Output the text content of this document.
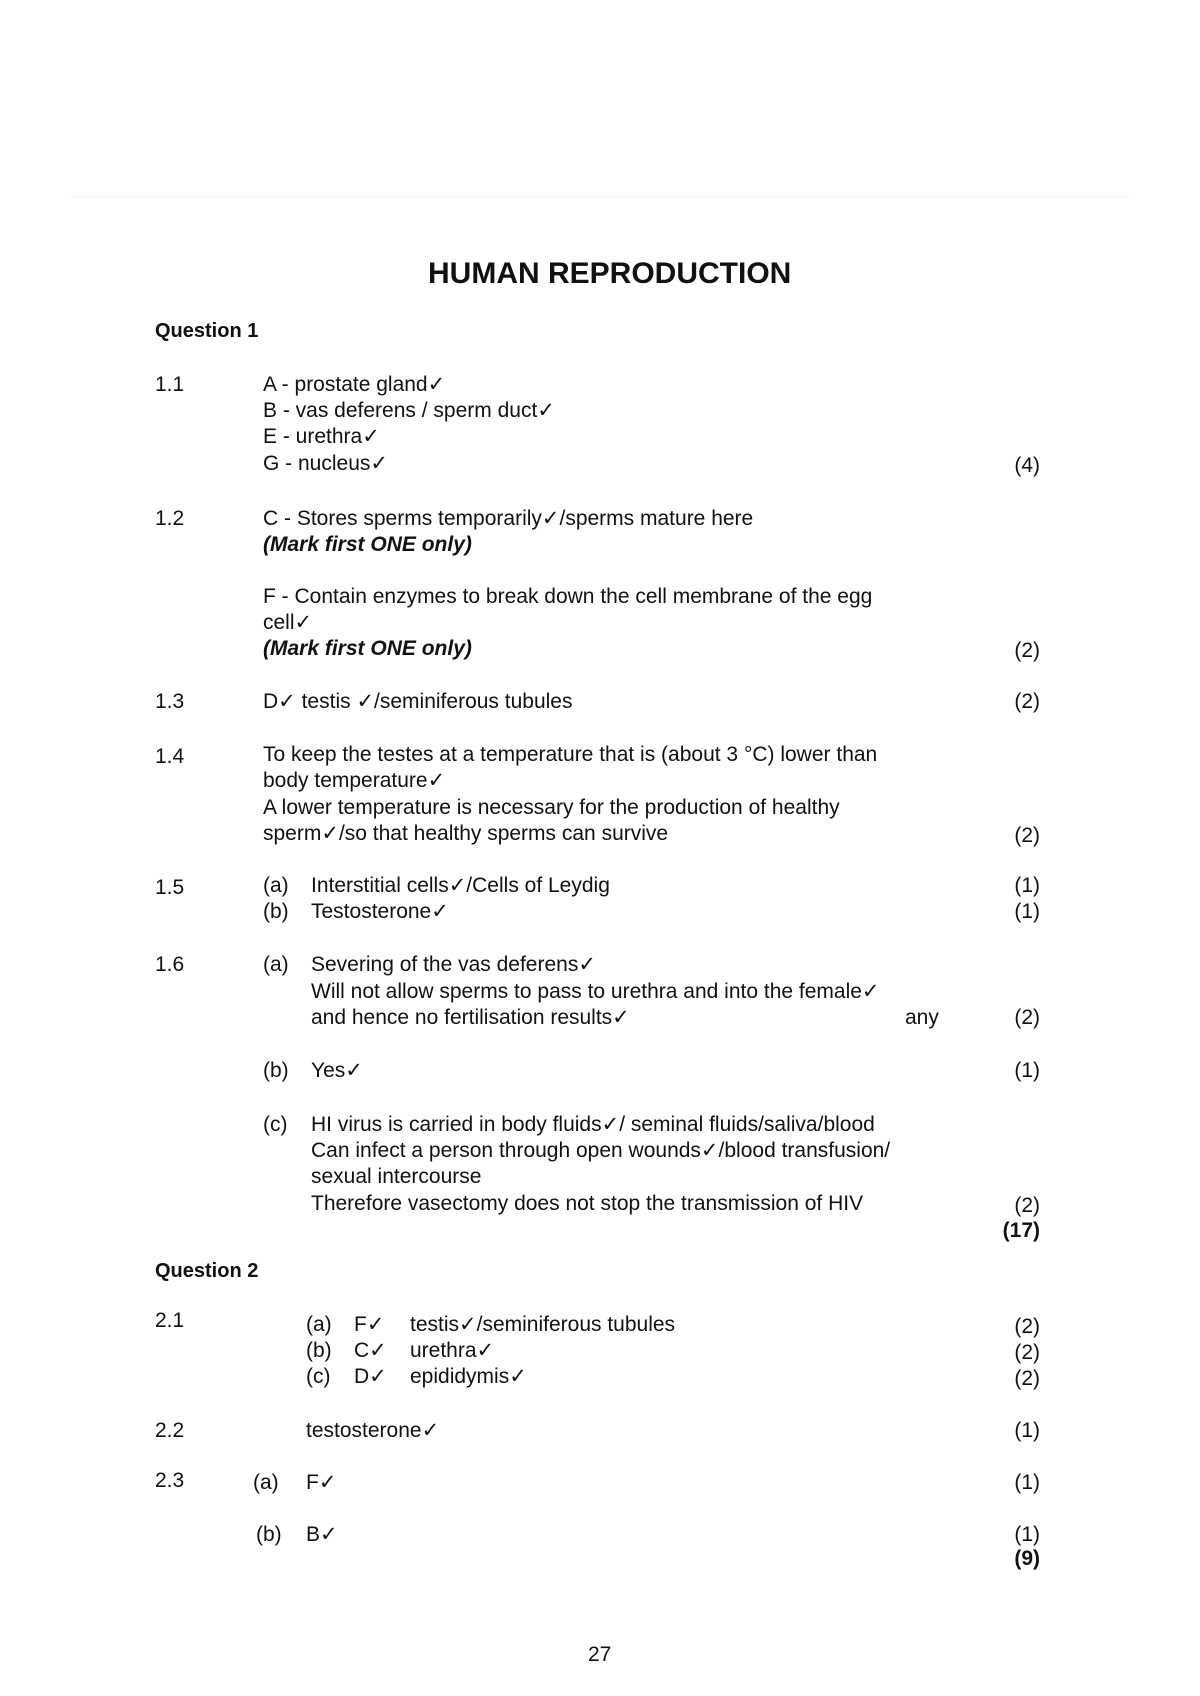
HUMAN REPRODUCTION
Question 1
1.1	A - prostate gland✓
B - vas deferens / sperm duct✓
E - urethra✓
G - nucleus✓	(4)
1.2	C - Stores sperms temporarily✓/sperms mature here
(Mark first ONE only)
F - Contain enzymes to break down the cell membrane of the egg
cell✓
(Mark first ONE only)	(2)
1.3	D✓ testis ✓/seminiferous tubules	(2)
1.4	To keep the testes at a temperature that is (about 3 °C) lower than
body temperature✓
A lower temperature is necessary for the production of healthy
sperm✓/so that healthy sperms can survive	(2)
1.5	(a) Interstitial cells✓/Cells of Leydig	(1)
(b) Testosterone✓	(1)
1.6	(a) Severing of the vas deferens✓
Will not allow sperms to pass to urethra and into the female✓
and hence no fertilisation results✓	any	(2)
(b) Yes✓	(1)
(c) HI virus is carried in body fluids✓/ seminal fluids/saliva/blood
Can infect a person through open wounds✓/blood transfusion/
sexual intercourse
Therefore vasectomy does not stop the transmission of HIV	(2)
(17)
Question 2
2.1	(a) F✓ testis✓/seminiferous tubules	(2)
(b) C✓ urethra✓	(2)
(c) D✓ epididymis✓	(2)
2.2	testosterone✓	(1)
2.3	(a) F✓	(1)
(b) B✓	(1)
(9)
27
